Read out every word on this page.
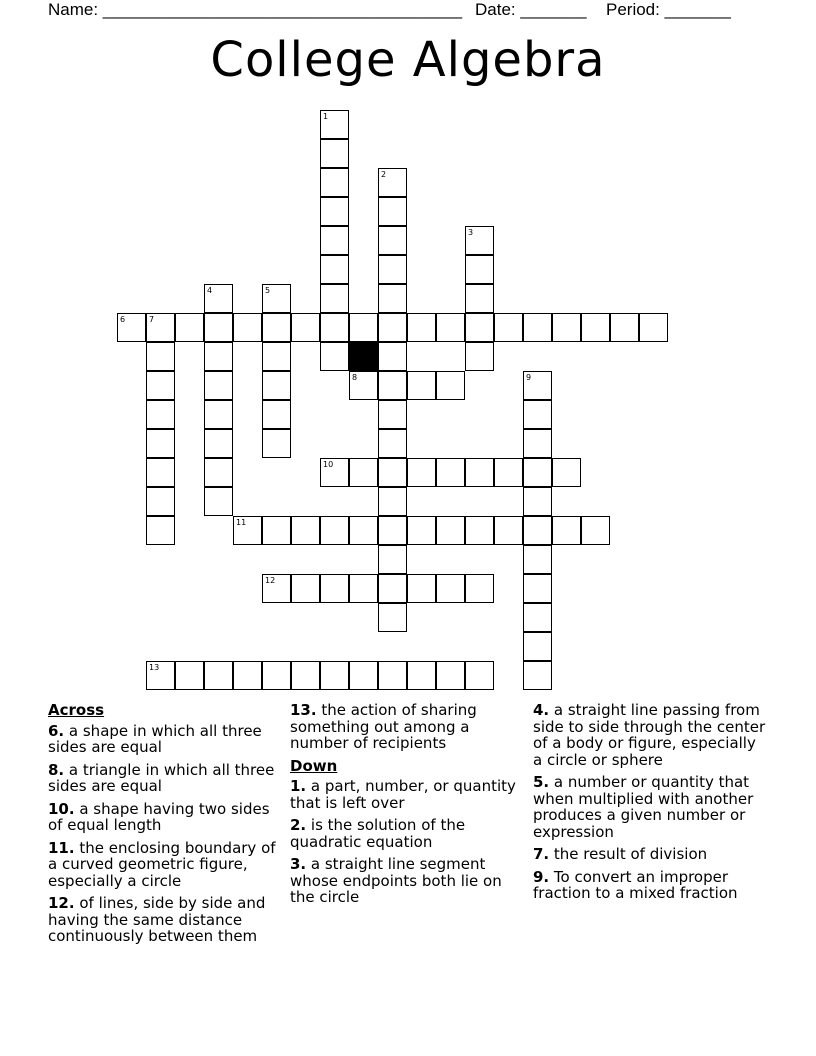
Name: ______________________________________ Date: _______ Period: _______
College Algebra
1
2
3
4	5
6	7
8	9
10
11
12
13
Across
6. a shape in which all three sides are equal
8. a triangle in which all three sides are equal
10. a shape having two sides of equal length
11. the enclosing boundary of a curved geometric figure, especially a circle
12. of lines, side by side and having the same distance continuously between them
13. the action of sharing something out among a number of recipients
Down
1. a part, number, or quantity that is left over
2. is the solution of the quadratic equation
3. a straight line segment whose endpoints both lie on the circle
4. a straight line passing from side to side through the center of a body or figure, especially a circle or sphere
5. a number or quantity that when multiplied with another produces a given number or expression
7. the result of division
9. To convert an improper fraction to a mixed fraction
